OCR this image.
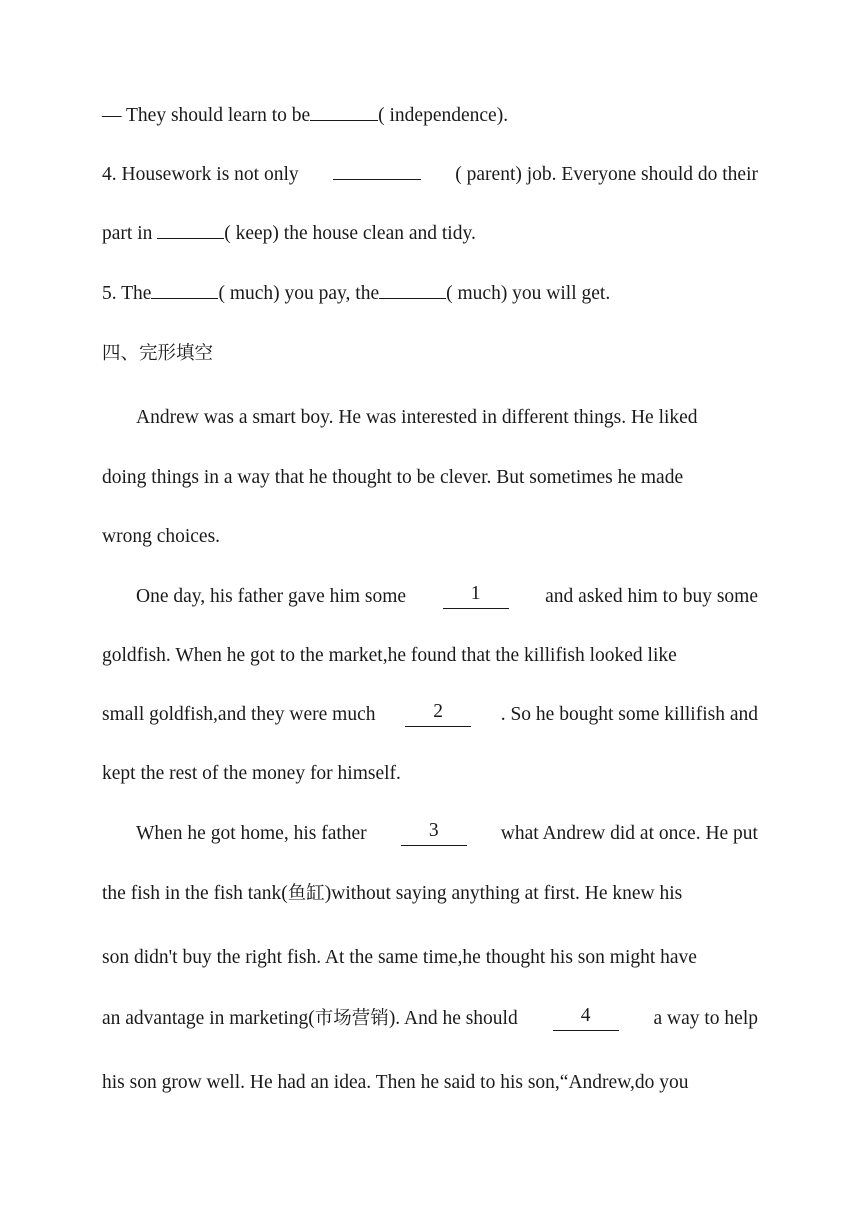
— They should learn to be	( independence).
4. Housework is not only	( parent) job. Everyone should do their
part in	( keep) the house clean and tidy.
5. The	( much) you pay, the	( much) you will get.
四、完形填空
Andrew was a smart boy. He was interested in different things. He liked
doing things in a way that he thought to be clever. But sometimes he made
wrong choices.
One day, his father gave him some	1	and asked him to buy some
goldfish. When he got to the market,he found that the killifish looked like
small goldfish,and they were much	2	. So he bought some killifish and
kept the rest of the money for himself.
When he got home, his father	3	what Andrew did at once. He put
the fish in the fish tank(鱼缸)without saying anything at first. He knew his
son didn't buy the right fish. At the same time,he thought his son might have
an advantage in marketing(市场营销). And he should	4	a way to help
his son grow well. He had an idea. Then he said to his son,“Andrew,do you
